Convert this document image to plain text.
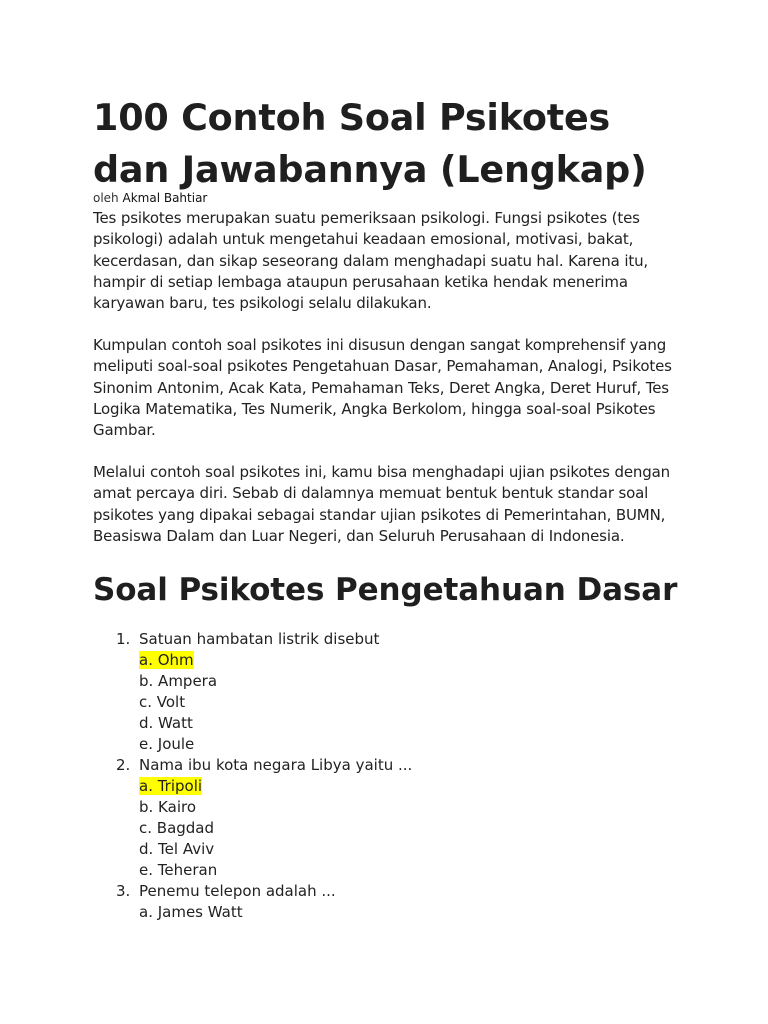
100 Contoh Soal Psikotes dan Jawabannya (Lengkap)
oleh Akmal Bahtiar

Tes psikotes merupakan suatu pemeriksaan psikologi. Fungsi psikotes (tes psikologi) adalah untuk mengetahui keadaan emosional, motivasi, bakat, kecerdasan, dan sikap seseorang dalam menghadapi suatu hal. Karena itu, hampir di setiap lembaga ataupun perusahaan ketika hendak menerima karyawan baru, tes psikologi selalu dilakukan.

Kumpulan contoh soal psikotes ini disusun dengan sangat komprehensif yang meliputi soal-soal psikotes Pengetahuan Dasar, Pemahaman, Analogi, Psikotes Sinonim Antonim, Acak Kata, Pemahaman Teks, Deret Angka, Deret Huruf, Tes Logika Matematika, Tes Numerik, Angka Berkolom, hingga soal-soal Psikotes Gambar.

Melalui contoh soal psikotes ini, kamu bisa menghadapi ujian psikotes dengan amat percaya diri. Sebab di dalamnya memuat bentuk bentuk standar soal psikotes yang dipakai sebagai standar ujian psikotes di Pemerintahan, BUMN, Beasiswa Dalam dan Luar Negeri, dan Seluruh Perusahaan di Indonesia.

Soal Psikotes Pengetahuan Dasar
1. Satuan hambatan listrik disebut
a. Ohm
b. Ampera
c. Volt
d. Watt
e. Joule
2. Nama ibu kota negara Libya yaitu ...
a. Tripoli
b. Kairo
c. Bagdad
d. Tel Aviv
e. Teheran
3. Penemu telepon adalah ...
a. James Watt
